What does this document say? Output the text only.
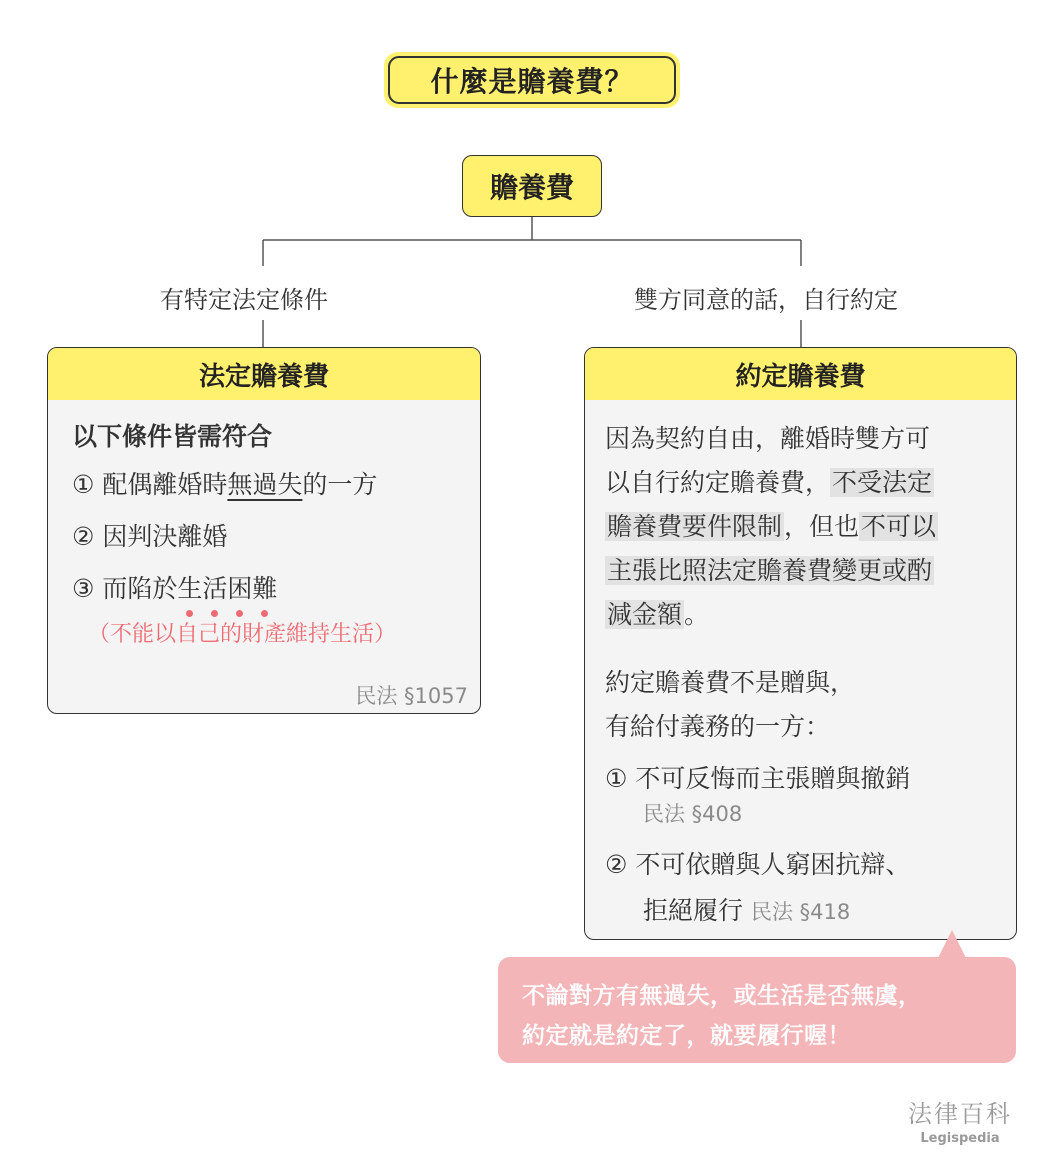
什麼是贍養費？
贍養費
有特定法定條件	雙方同意的話，自行約定
法定贍養費
以下條件皆需符合
① 配偶離婚時無過失的一方
② 因判決離婚
③ 而陷於生活困難
（不能以自己的財產維持生活）
民法 §1057
約定贍養費
因為契約自由，離婚時雙方可
以自行約定贍養費，不受法定
贍養費要件限制，但也不可以
主張比照法定贍養費變更或酌
減金額。
約定贍養費不是贈與，
有給付義務的一方：
① 不可反悔而主張贈與撤銷
民法 §408
② 不可依贈與人窮困抗辯、
拒絕履行 民法 §418
不論對方有無過失，或生活是否無虞，
約定就是約定了，就要履行喔！
法律百科
Legispedia
